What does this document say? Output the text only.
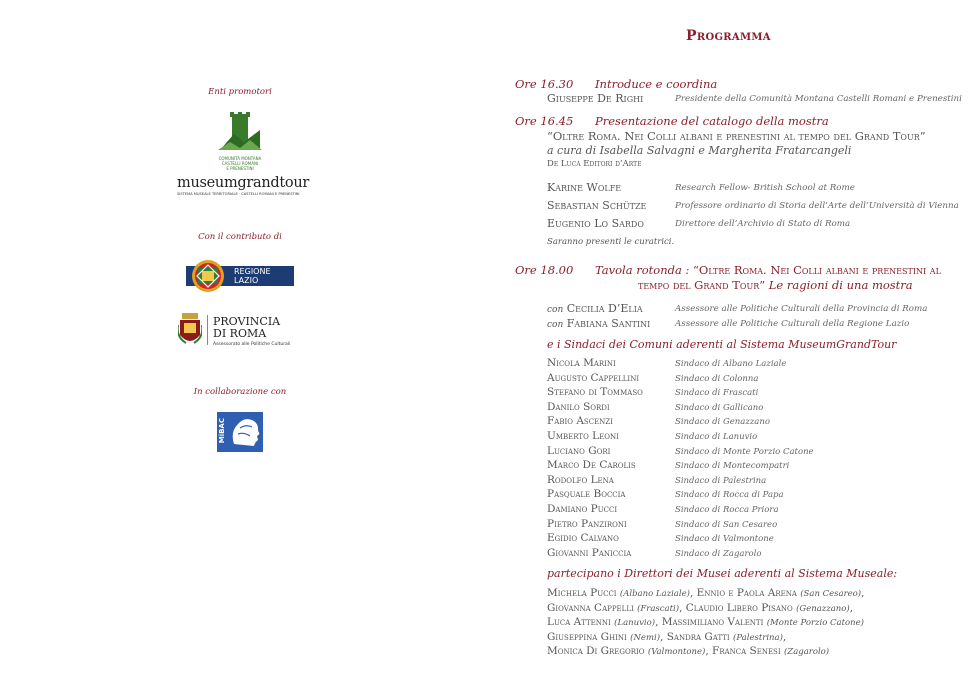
Enti promotori
COMUNITÀ MONTANA
CASTELLI ROMANI
E PRENESTINI
museumgrandtour
SISTEMA MUSEALE TERRITORIALE · CASTELLI ROMANI E PRENESTINI
Con il contributo di
REGIONE
LAZIO
PROVINCIA
DI ROMA
Assessorato alle Politiche Culturali
In collaborazione con
MiBAC
Programma
Ore 16.30 Introduce e coordina
Giuseppe De Righi	Presidente della Comunità Montana Castelli Romani e Prenestini
Ore 16.45 Presentazione del catalogo della mostra
“Oltre Roma. Nei Colli albani e prenestini al tempo del Grand Tour”
a cura di Isabella Salvagni e Margherita Fratarcangeli
De Luca Editori d’Arte
Karine Wolfe	Research Fellow- British School at Rome
Sebastian Schütze	Professore ordinario di Storia dell’Arte dell’Università di Vienna
Eugenio Lo Sardo	Direttore dell’Archivio di Stato di Roma
Saranno presenti le curatrici.
Ore 18.00 Tavola rotonda : “Oltre Roma. Nei Colli albani e prenestini al
tempo del Grand Tour” Le ragioni di una mostra
con Cecilia D’Elia	Assessore alle Politiche Culturali della Provincia di Roma
con Fabiana Santini	Assessore alle Politiche Culturali della Regione Lazio
e i Sindaci dei Comuni aderenti al Sistema MuseumGrandTour
Nicola Marini	Sindaco di Albano Laziale
Augusto Cappellini	Sindaco di Colonna
Stefano di Tommaso	Sindaco di Frascati
Danilo Sordi	Sindaco di Gallicano
Fabio Ascenzi	Sindaco di Genazzano
Umberto Leoni	Sindaco di Lanuvio
Luciano Gori	Sindaco di Monte Porzio Catone
Marco De Carolis	Sindaco di Montecompatri
Rodolfo Lena	Sindaco di Palestrina
Pasquale Boccia	Sindaco di Rocca di Papa
Damiano Pucci	Sindaco di Rocca Priora
Pietro Panzironi	Sindaco di San Cesareo
Egidio Calvano	Sindaco di Valmontone
Giovanni Paniccia	Sindaco di Zagarolo
partecipano i Direttori dei Musei aderenti al Sistema Museale:
Michela Pucci (Albano Laziale), Ennio e Paola Arena (San Cesareo),
Giovanna Cappelli (Frascati), Claudio Libero Pisano (Genazzano),
Luca Attenni (Lanuvio), Massimiliano Valenti (Monte Porzio Catone)
Giuseppina Ghini (Nemi), Sandra Gatti (Palestrina),
Monica Di Gregorio (Valmontone), Franca Senesi (Zagarolo)
